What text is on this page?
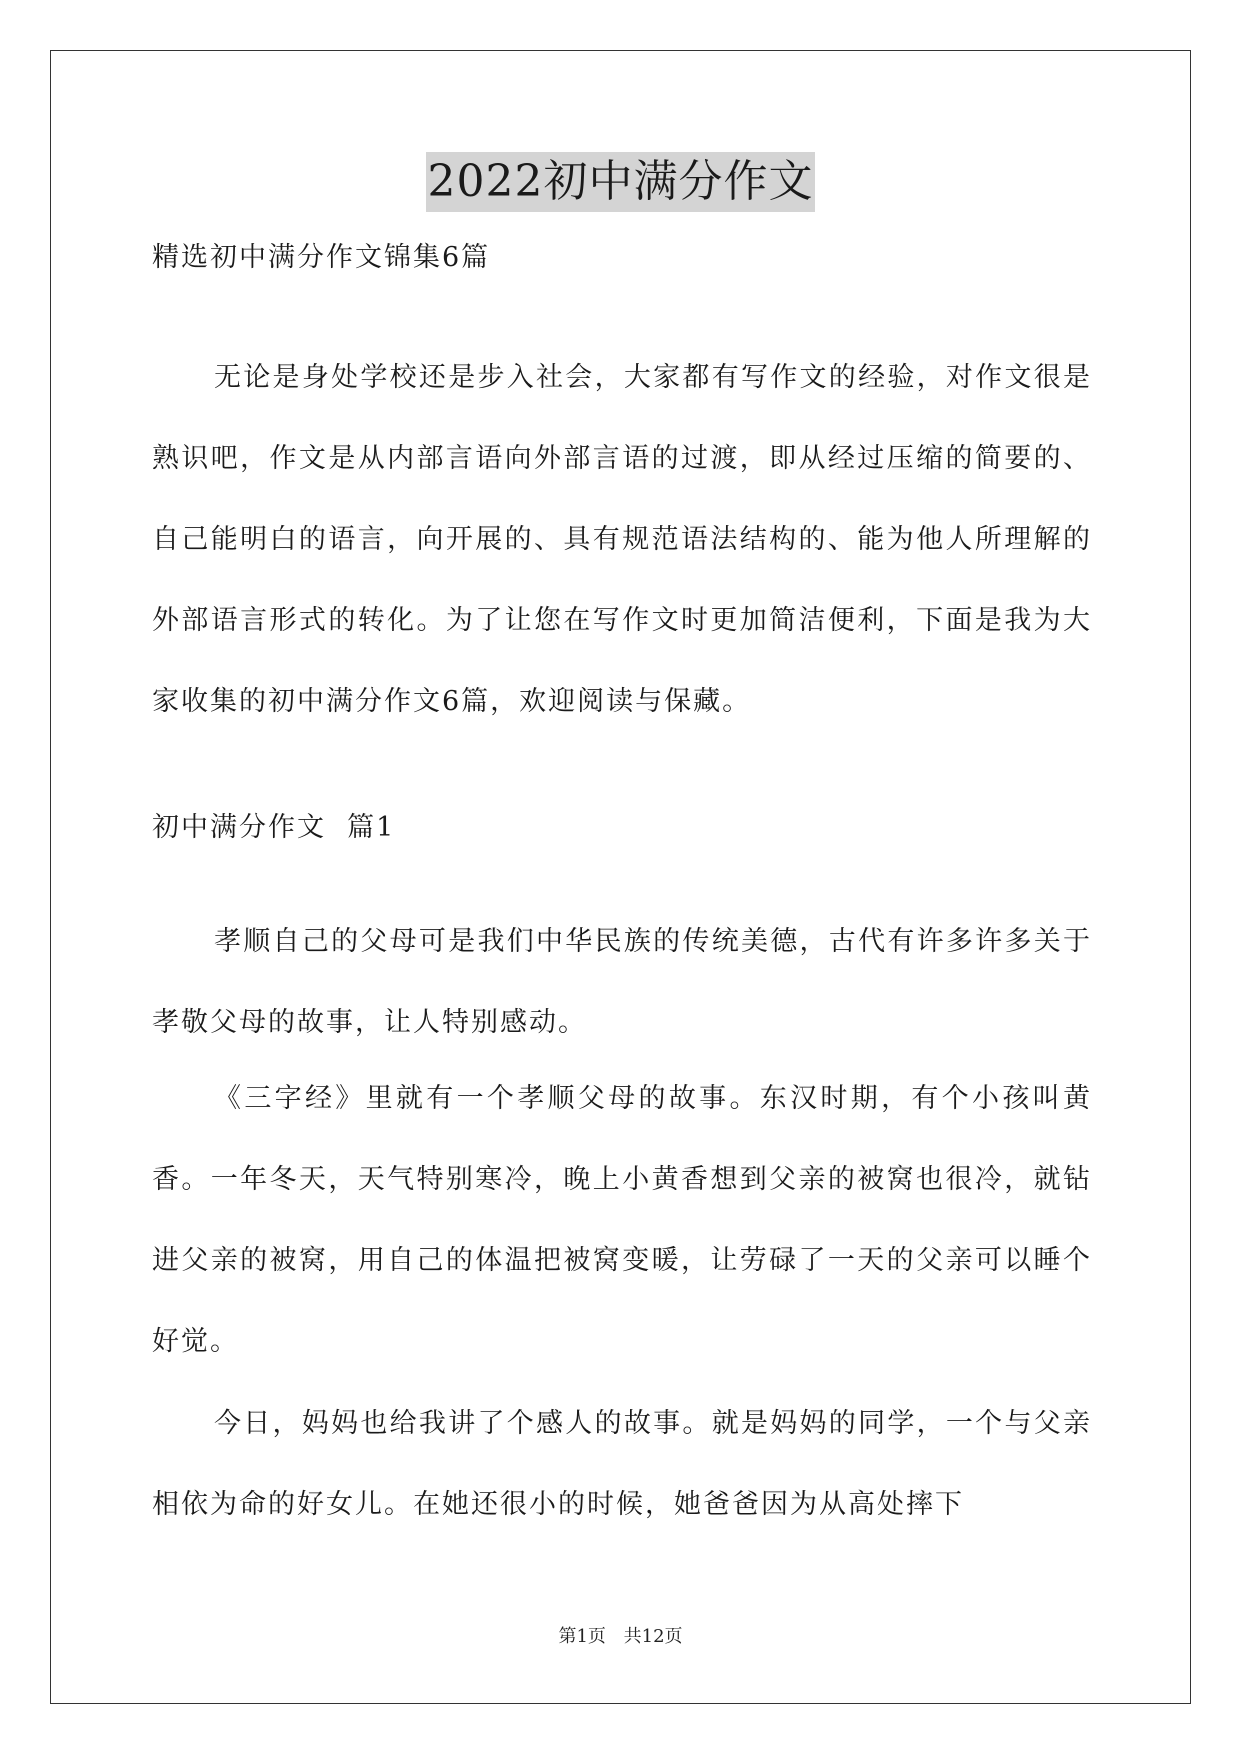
2022初中满分作文
精选初中满分作文锦集6篇

无论是身处学校还是步入社会，大家都有写作文的经验，对作文很是熟识吧，作文是从内部言语向外部言语的过渡，即从经过压缩的简要的、自己能明白的语言，向开展的、具有规范语法结构的、能为他人所理解的外部语言形式的转化。为了让您在写作文时更加简洁便利，下面是我为大家收集的初中满分作文6篇，欢迎阅读与保藏。

初中满分作文  篇1

孝顺自己的父母可是我们中华民族的传统美德，古代有许多许多关于孝敬父母的故事，让人特别感动。

《三字经》里就有一个孝顺父母的故事。东汉时期，有个小孩叫黄香。一年冬天，天气特别寒冷，晚上小黄香想到父亲的被窝也很冷，就钻进父亲的被窝，用自己的体温把被窝变暖，让劳碌了一天的父亲可以睡个好觉。

今日，妈妈也给我讲了个感人的故事。就是妈妈的同学，一个与父亲相依为命的好女儿。在她还很小的时候，她爸爸因为从高处摔下

第1页 共12页
